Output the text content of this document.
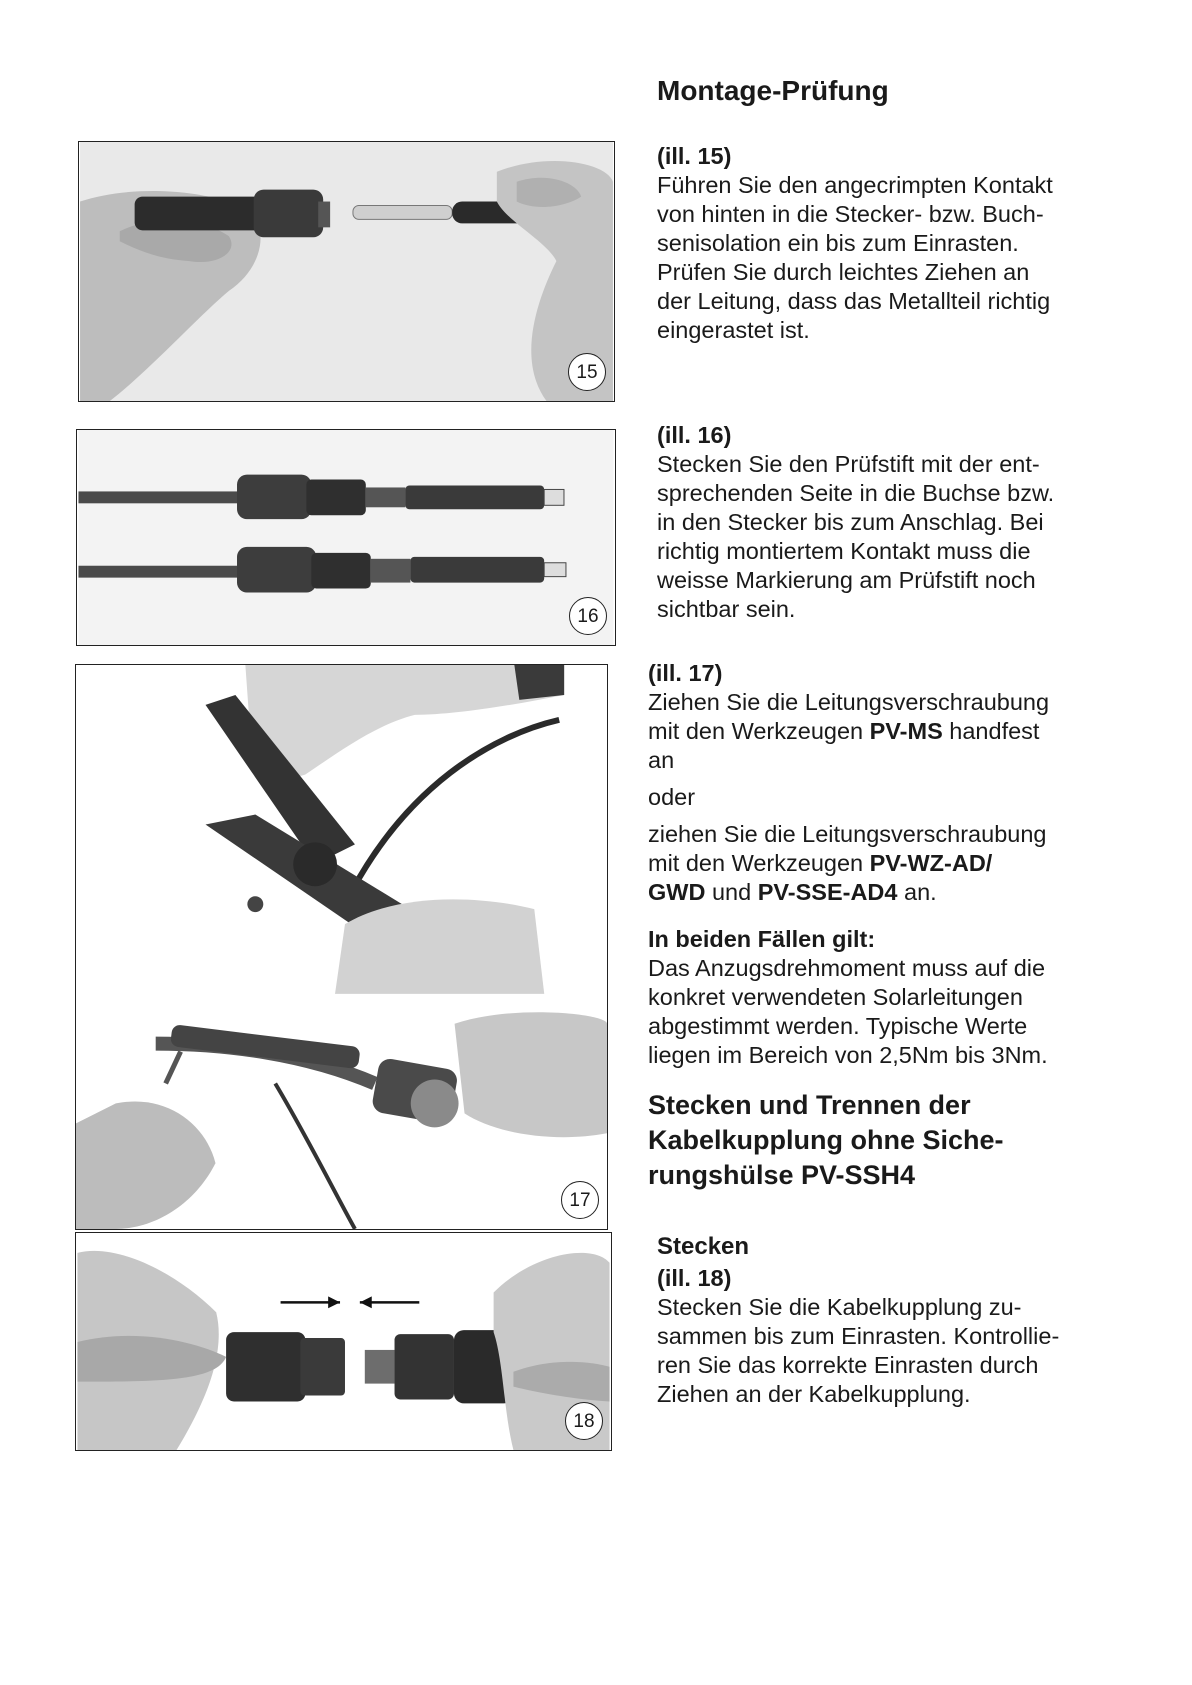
Montage-Prüfung
15
16
17
18

(ill. 15)

Führen Sie den angecrimpten Kontakt

von hinten in die Stecker- bzw. Buch-

senisolation ein bis zum Einrasten.

Prüfen Sie durch leichtes Ziehen an

der Leitung, dass das Metallteil richtig

eingerastet ist.

(ill. 16)

Stecken Sie den Prüfstift mit der ent-

sprechenden Seite in die Buchse bzw.

in den Stecker bis zum Anschlag. Bei

richtig montiertem Kontakt muss die

weisse Markierung am Prüfstift noch

sichtbar sein.

(ill. 17)

Ziehen Sie die Leitungsverschraubung

mit den Werkzeugen PV-MS handfest

an

oder

ziehen Sie die Leitungsverschraubung

mit den Werkzeugen PV-WZ-AD/

GWD und PV-SSE-AD4 an.

In beiden Fällen gilt:

Das Anzugsdrehmoment muss auf die

konkret verwendeten Solarleitungen

abgestimmt werden. Typische Werte

liegen im Bereich von 2,5Nm bis 3Nm.

Stecken und Trennen der

Kabelkupplung ohne Siche-

rungshülse PV-SSH4

Stecken

(ill. 18)

Stecken Sie die Kabelkupplung zu-

sammen bis zum Einrasten. Kontrollie-

ren Sie das korrekte Einrasten durch

Ziehen an der Kabelkupplung.
